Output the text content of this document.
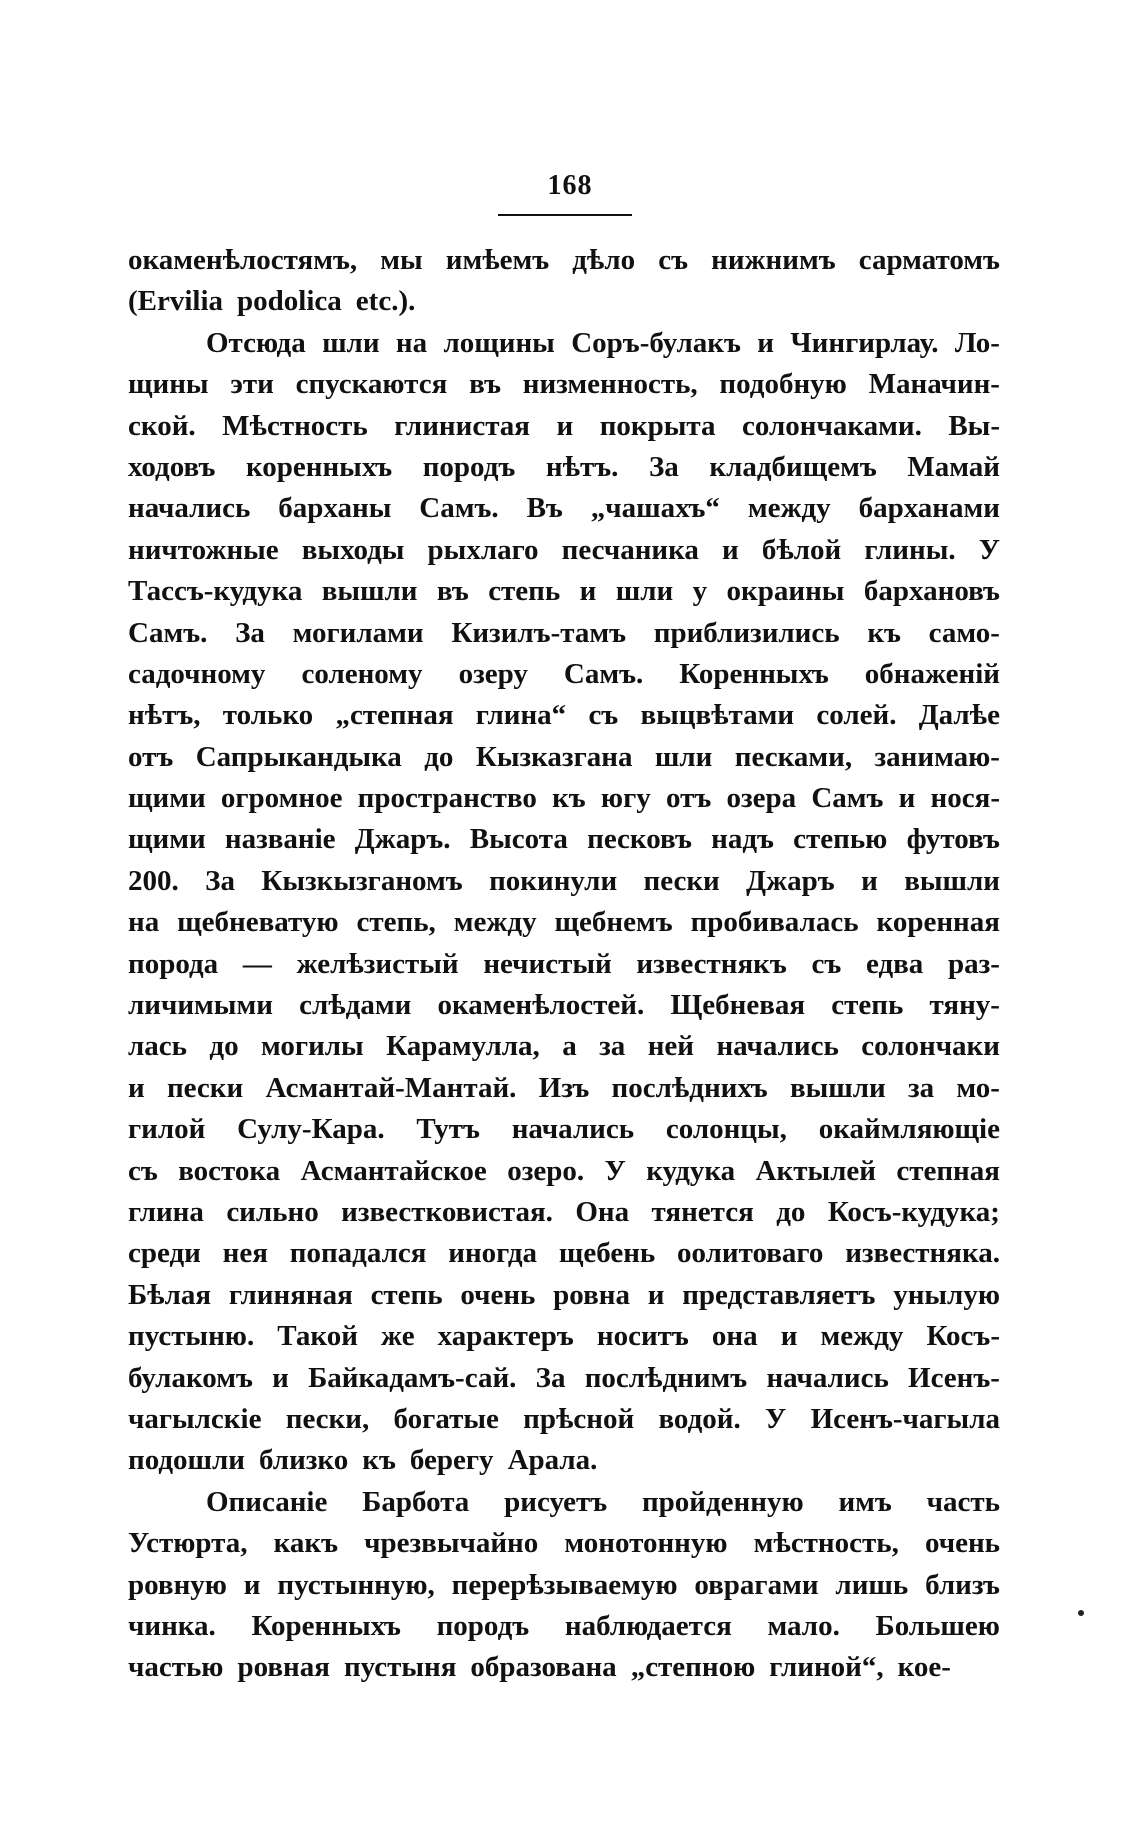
168
окаменѣлостямъ, мы имѣемъ дѣло съ нижнимъ сарматомъ
(Ervilia podolica etc.).
Отсюда шли на лощины Соръ-булакъ и Чингирлау. Ло-
щины эти спускаются въ низменность, подобную Маначин-
ской. Мѣстность глинистая и покрыта солончаками. Вы-
ходовъ коренныхъ породъ нѣтъ. За кладбищемъ Мамай
начались барханы Самъ. Въ „чашахъ“ между барханами
ничтожные выходы рыхлаго песчаника и бѣлой глины. У
Тассъ-кудука вышли въ степь и шли у окраины бархановъ
Самъ. За могилами Кизилъ-тамъ приблизились къ само-
садочному соленому озеру Самъ. Коренныхъ обнаженій
нѣтъ, только „степная глина“ съ выцвѣтами солей. Далѣе
отъ Сапрыкандыка до Кызказгана шли песками, занимаю-
щими огромное пространство къ югу отъ озера Самъ и нося-
щими названіе Джаръ. Высота песковъ надъ степью футовъ
200. За Кызкызганомъ покинули пески Джаръ и вышли
на щебневатую степь, между щебнемъ пробивалась коренная
порода — желѣзистый нечистый известнякъ съ едва раз-
личимыми слѣдами окаменѣлостей. Щебневая степь тяну-
лась до могилы Карамулла, а за ней начались солончаки
и пески Асмантай-Мантай. Изъ послѣднихъ вышли за мо-
гилой Сулу-Кара. Тутъ начались солонцы, окаймляющіе
съ востока Асмантайское озеро. У кудука Актылей степная
глина сильно известковистая. Она тянется до Косъ-кудука;
среди нея попадался иногда щебень оолитоваго известняка.
Бѣлая глиняная степь очень ровна и представляетъ унылую
пустыню. Такой же характеръ носитъ она и между Косъ-
булакомъ и Байкадамъ-сай. За послѣднимъ начались Исенъ-
чагылскіе пески, богатые прѣсной водой. У Исенъ-чагыла
подошли близко къ берегу Арала.
Описаніе Барбота рисуетъ пройденную имъ часть
Устюрта, какъ чрезвычайно монотонную мѣстность, очень
ровную и пустынную, перерѣзываемую оврагами лишь близъ
чинка. Коренныхъ породъ наблюдается мало. Большею
частью ровная пустыня образована „степною глиной“, кое-
